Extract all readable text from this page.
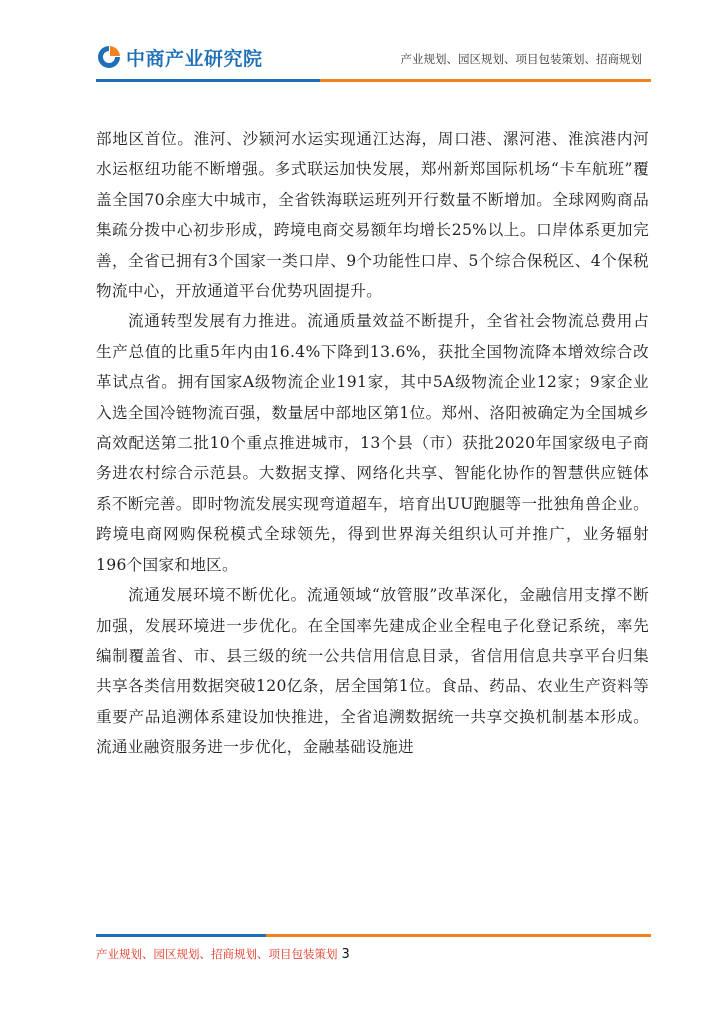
中商产业研究院	产业规划、园区规划、项目包装策划、招商规划

部地区首位。淮河、沙颍河水运实现通江达海，周口港、漯河港、淮滨港内河水运枢纽功能不断增强。多式联运加快发展，郑州新郑国际机场“卡车航班”覆盖全国70余座大中城市，全省铁海联运班列开行数量不断增加。全球网购商品集疏分拨中心初步形成，跨境电商交易额年均增长25%以上。口岸体系更加完善，全省已拥有3个国家一类口岸、9个功能性口岸、5个综合保税区、4个保税物流中心，开放通道平台优势巩固提升。

流通转型发展有力推进。流通质量效益不断提升，全省社会物流总费用占生产总值的比重5年内由16.4%下降到13.6%，获批全国物流降本增效综合改革试点省。拥有国家A级物流企业191家，其中5A级物流企业12家；9家企业入选全国冷链物流百强，数量居中部地区第1位。郑州、洛阳被确定为全国城乡高效配送第二批10个重点推进城市，13个县（市）获批2020年国家级电子商务进农村综合示范县。大数据支撑、网络化共享、智能化协作的智慧供应链体系不断完善。即时物流发展实现弯道超车，培育出UU跑腿等一批独角兽企业。跨境电商网购保税模式全球领先，得到世界海关组织认可并推广，业务辐射196个国家和地区。

流通发展环境不断优化。流通领域“放管服”改革深化，金融信用支撑不断加强，发展环境进一步优化。在全国率先建成企业全程电子化登记系统，率先编制覆盖省、市、县三级的统一公共信用信息目录，省信用信息共享平台归集共享各类信用数据突破120亿条，居全国第1位。食品、药品、农业生产资料等重要产品追溯体系建设加快推进，全省追溯数据统一共享交换机制基本形成。流通业融资服务进一步优化，金融基础设施进

产业规划、园区规划、招商规划、项目包装策划 3
